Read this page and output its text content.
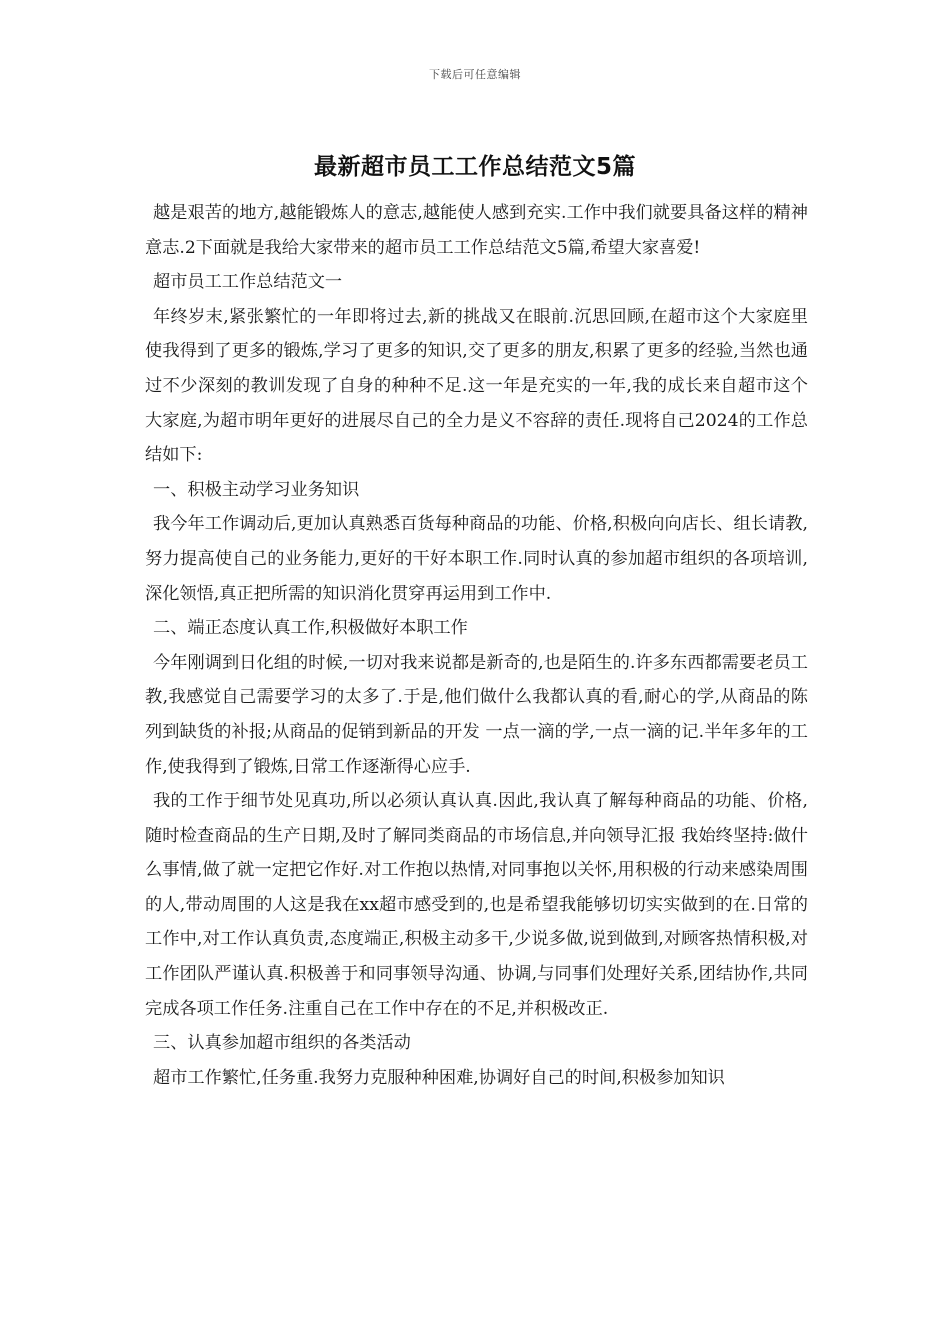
下载后可任意编辑
最新超市员工工作总结范文5篇

越是艰苦的地方,越能锻炼人的意志,越能使人感到充实.工作中我们就要具备这样的精神意志.2下面就是我给大家带来的超市员工工作总结范文5篇,希望大家喜爱!

超市员工工作总结范文一

年终岁末,紧张繁忙的一年即将过去,新的挑战又在眼前.沉思回顾,在超市这个大家庭里使我得到了更多的锻炼,学习了更多的知识,交了更多的朋友,积累了更多的经验,当然也通过不少深刻的教训发现了自身的种种不足.这一年是充实的一年,我的成长来自超市这个大家庭,为超市明年更好的进展尽自己的全力是义不容辞的责任.现将自己2024的工作总结如下:

一、积极主动学习业务知识

我今年工作调动后,更加认真熟悉百货每种商品的功能、价格,积极向向店长、组长请教,努力提高使自己的业务能力,更好的干好本职工作.同时认真的参加超市组织的各项培训,深化领悟,真正把所需的知识消化贯穿再运用到工作中.

二、端正态度认真工作,积极做好本职工作

今年刚调到日化组的时候,一切对我来说都是新奇的,也是陌生的.许多东西都需要老员工教,我感觉自己需要学习的太多了.于是,他们做什么我都认真的看,耐心的学,从商品的陈列到缺货的补报;从商品的促销到新品的开发 一点一滴的学,一点一滴的记.半年多年的工作,使我得到了锻炼,日常工作逐渐得心应手.

我的工作于细节处见真功,所以必须认真认真.因此,我认真了解每种商品的功能、价格,随时检查商品的生产日期,及时了解同类商品的市场信息,并向领导汇报 我始终坚持:做什么事情,做了就一定把它作好.对工作抱以热情,对同事抱以关怀,用积极的行动来感染周围的人,带动周围的人这是我在xx超市感受到的,也是希望我能够切切实实做到的在.日常的工作中,对工作认真负责,态度端正,积极主动多干,少说多做,说到做到,对顾客热情积极,对工作团队严谨认真.积极善于和同事领导沟通、协调,与同事们处理好关系,团结协作,共同完成各项工作任务.注重自己在工作中存在的不足,并积极改正.

三、认真参加超市组织的各类活动

超市工作繁忙,任务重.我努力克服种种困难,协调好自己的时间,积极参加知识
